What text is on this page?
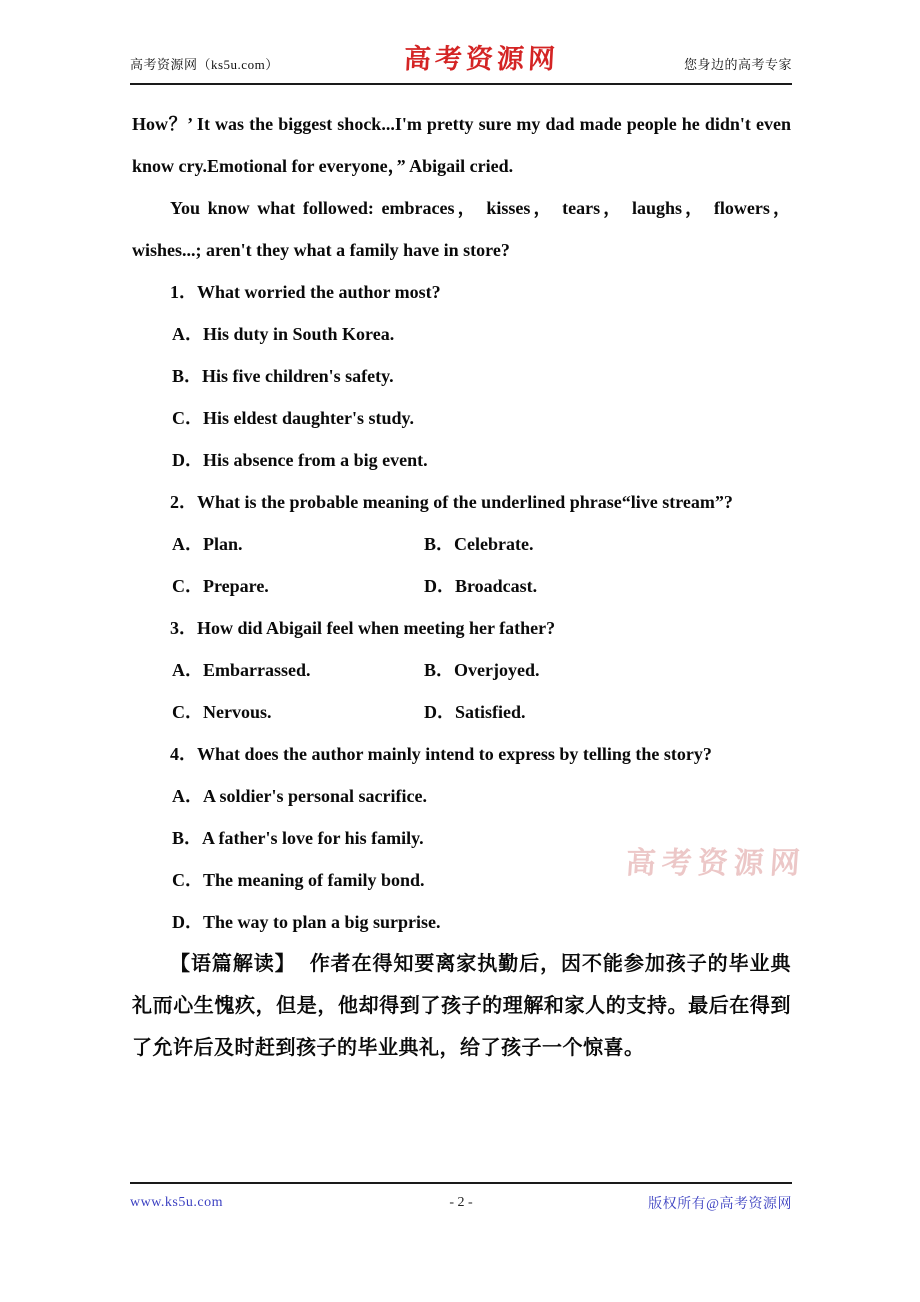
高考资源网（ks5u.com）	高考资源网	您身边的高考专家

How？’ It was the biggest shock...I'm pretty sure my dad made people he didn't even know cry.Emotional for everyone，” Abigail cried.

You know what followed: embraces， kisses， tears， laughs， flowers， wishes...; aren't they what a family have in store?

1．What worried the author most?

A．His duty in South Korea.

B．His five children's safety.

C．His eldest daughter's study.

D．His absence from a big event.

2．What is the probable meaning of the underlined phrase“live stream”?

A．Plan.	B．Celebrate.
C．Prepare.	D．Broadcast.

3．How did Abigail feel when meeting her father?

A．Embarrassed.	B．Overjoyed.
C．Nervous.	D．Satisfied.

4．What does the author mainly intend to express by telling the story?

A．A soldier's personal sacrifice.

B．A father's love for his family.

C．The meaning of family bond.

D．The way to plan a big surprise.

【语篇解读】 作者在得知要离家执勤后，因不能参加孩子的毕业典礼而心生愧疚，但是，他却得到了孩子的理解和家人的支持。最后在得到了允许后及时赶到孩子的毕业典礼，给了孩子一个惊喜。

高考资源网
www.ks5u.com	- 2 -	版权所有@高考资源网
